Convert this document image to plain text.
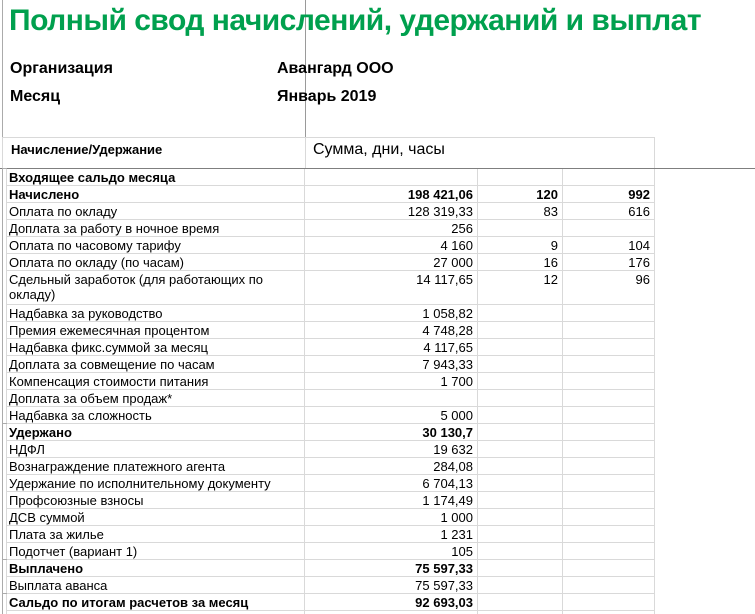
Полный свод начислений, удержаний и выплат
Организация	Авангард ООО
Месяц	Январь 2019
Начисление/Удержание	Сумма, дни, часы
Входящее сальдо месяца
Начислено	198 421,06	120	992
Оплата по окладу	128 319,33	83	616
Доплата за работу в ночное время	256
Оплата по часовому тарифу	4 160	9	104
Оплата по окладу (по часам)	27 000	16	176
Сдельный заработок (для работающих по окладу)
14 117,65	12	96
Надбавка за руководство	1 058,82
Премия ежемесячная процентом	4 748,28
Надбавка фикс.суммой за месяц	4 117,65
Доплата за совмещение по часам	7 943,33
Компенсация стоимости питания	1 700
Доплата за объем продаж*
Надбавка за сложность	5 000
Удержано	30 130,7
НДФЛ	19 632
Вознаграждение платежного агента	284,08
Удержание по исполнительному документу	6 704,13
Профсоюзные взносы	1 174,49
ДСВ суммой	1 000
Плата за жилье	1 231
Подотчет (вариант 1)	105
Выплачено	75 597,33
Выплата аванса	75 597,33
Сальдо по итогам расчетов за месяц	92 693,03
